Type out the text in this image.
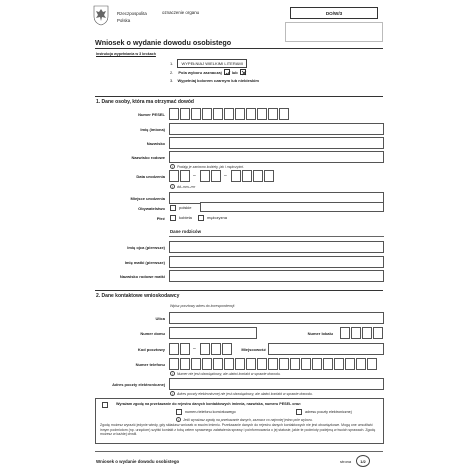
Rzeczpospolita
Polska
oznaczenie organu	DO/W/3
Wniosek o wydanie dowodu osobistego
Instrukcja wypełniania w 3 krokach
1. WYPEŁNIAJ WIELKIMI LITERAMI
2. Pola wyboru zaznaczaj	lub
3. Wypełniaj kolorem czarnym lub niebieskim
1. Dane osoby, która ma otrzymać dowód
Numer PESEL
Imię (imiona)
Nazwisko
Nazwisko rodowe
i Podaję je zarówno kobiety, jak i mężczyźni.
Data urodzenia	–	–
i dd–mm–rrrr
Miejsce urodzenia
Obywatelstwo	polskie
Płeć	kobieta	mężczyzna
Dane rodziców
Imię ojca (pierwsze)
Imię matki (pierwsze)
Nazwisko rodowe matki
2. Dane kontaktowe wnioskodawcy
Wpisz pocztowy adres do korespondencji:
Ulica
Numer domu	Numer lokalu
Kod pocztowy	–	Miejscowość
Numer telefonu
i Numer nie jest obowiązkowy, ale ułatwi kontakt w sprawie dowodu.
Adres poczty elektronicznej
i Adres poczty elektronicznej nie jest obowiązkowy, ale ułatwi kontakt w sprawie dowodu.
Wyrażam zgodę na przekazanie do rejestru danych kontaktowych imienia, nazwiska, numeru PESEL oraz:
numeru telefonu komórkowego	adresu poczty elektronicznej
i Jeśli wyrażasz zgodę na przekazanie danych, zaznacz co najmniej jedno pole wyboru.
Zgodę możesz wyrazić jedynie wtedy, gdy składasz wniosek w swoim imieniu. Przekazanie danych do rejestru danych kontaktowych nie jest obowiązkowe. Mogą one umożliwić innym podmiotom (np. urzędom) szybki kontakt z tobą celem sprawnego załatwienia sprawy i poinformowania o jej statusie, jakie te podmioty podejmą w twoich sprawach. Zgodę możesz w każdej chwili.
Wniosek o wydanie dowodu osobistego	strona	1/2
